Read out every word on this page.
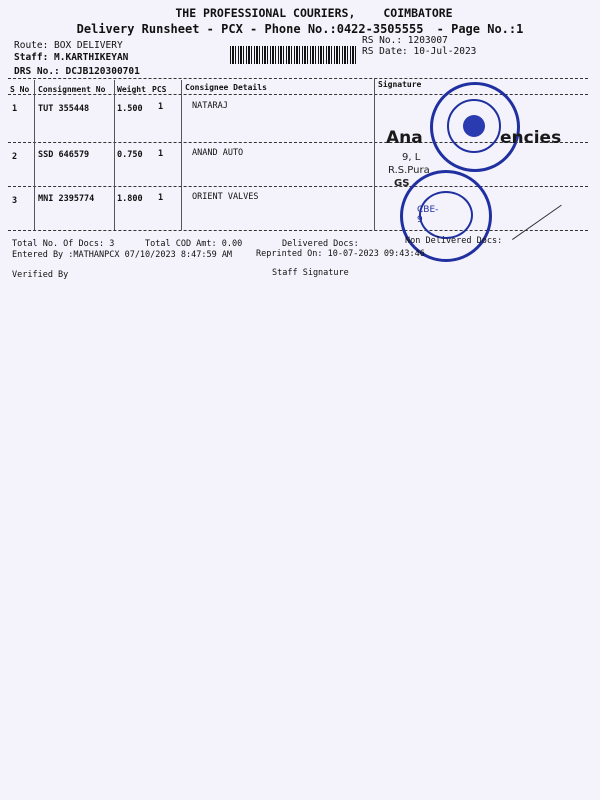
THE PROFESSIONAL COURIERS, COIMBATORE
Delivery Runsheet - PCX - Phone No.:0422-3505555 - Page No.:1
Route: BOX DELIVERY
Staff: M.KARTHIKEYAN
DRS No.: DCJB120300701
RS No.: 1203007
RS Date: 10-Jul-2023
S No Consignment No Weight PCS Consignee Details	Signature
1 TUT 355448	1.500 1	NATARAJ
2 SSD 646579	0.750 1	ANAND AUTO
3 MNI 2395774	1.800 1	ORIENT VALVES
Ana	encies
9, L
R.S.Pura
GS
CBE-9
Total No. Of Docs: 3	Total COD Amt: 0.00	Delivered Docs:	Non Delivered Docs:
Entered By :MATHANPCX 07/10/2023 8:47:59 AM	Reprinted On: 10-07-2023 09:43:46
Verified By	Staff Signature
